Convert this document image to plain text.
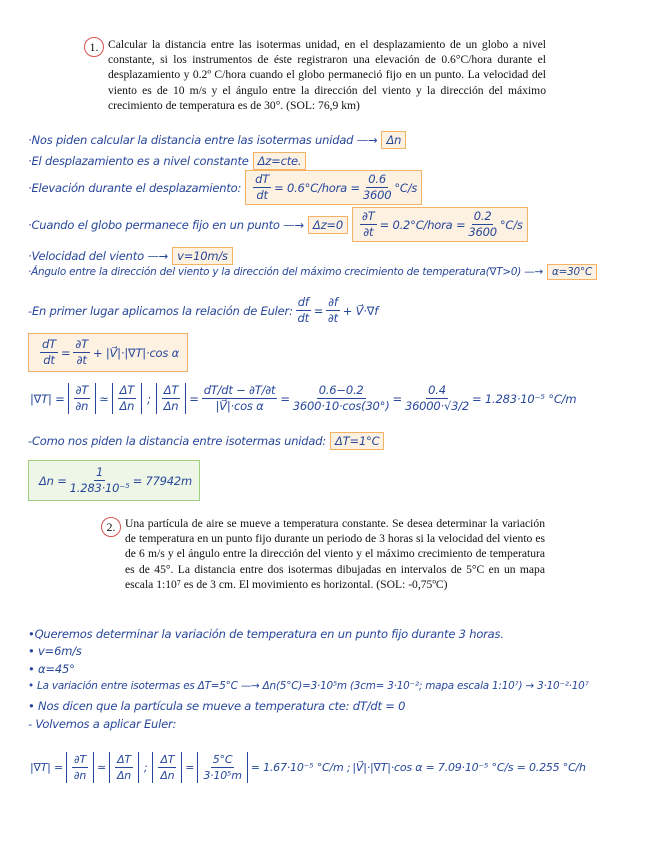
1. Calcular la distancia entre las isotermas unidad, en el desplazamiento de un globo a nivel constante, si los instrumentos de éste registraron una elevación de 0.6°C/hora durante el desplazamiento y 0.2º C/hora cuando el globo permaneció fijo en un punto. La velocidad del viento es de 10 m/s y el ángulo entre la dirección del viento y la dirección del máximo crecimiento de temperatura es de 30°. (SOL: 76,9 km)
·Nos piden calcular la distancia entre las isotermas unidad —→ Δn
·El desplazamiento es a nivel constante Δz=cte.
·Elevación durante el desplazamiento: $\frac{dT}{dt}$ = 0.6°C/hora = $\frac{0.6}{3600} ^\circ C/s$
·Cuando el globo permanece fijo en un punto —→ Δz=0	$\frac{\partial T}{\partial t}$ = 0.2°C/hora = $\frac{0.2}{3600} ^\circ C/s$
·Velocidad del viento —→ v=10m/s
·Ángulo entre la dirección del viento y la dirección del máximo crecimiento de temperatura(∇T>0) —→ α=30°C
-En primer lugar aplicamos la relación de Euler: $\frac{df}{dt} = \frac{\partial f}{\partial t}$ + V⃗·∇f
$\frac{dT}{dt} = \frac{\partial T}{\partial t}$ + |V⃗|·|∇T|·cos α
$|\nabla T| = \frac{\partial T}{\partial n}$ ≃ $\frac{\Delta T}{\Delta n}$ ; $\frac{\Delta T}{\Delta n} = \frac{dT/dt - \partial T/\partial t}{\text{|V⃗|·cos α}} = \frac{0.6-0.2}{3600\cdot 10\cdot\cos(30^\circ)} = \frac{0.4}{36000\cdot√3/2} = 1.283\cdot 10^{-5}$ °C/m
-Como nos piden la distancia entre isotermas unidad: ΔT=1°C
$\Delta n = \frac{1}{\text{1.283·10⁻⁵}} = 77942m$
2. Una partícula de aire se mueve a temperatura constante. Se desea determinar la variación de temperatura en un punto fijo durante un periodo de 3 horas si la velocidad del viento es de 6 m/s y el ángulo entre la dirección del viento y el máximo crecimiento de temperatura es de 45°. La distancia entre dos isotermas dibujadas en intervalos de 5°C en un mapa escala 1:10⁷ es de 3 cm. El movimiento es horizontal. (SOL: -0,75ºC)
•Queremos determinar la variación de temperatura en un punto fijo durante 3 horas.
• v=6m/s
• α=45°
• La variación entre isotermas es ΔT=5°C —→ Δn(5°C)=3·10⁵m (3cm= 3·10⁻²; mapa escala 1:10⁷) → 3·10⁻²·10⁷
• Nos dicen que la partícula se mueve a temperatura cte: dT/dt = 0
- Volvemos a aplicar Euler:
$|\nabla T| = \frac{\partial T}{\partial n}$ ≃ $\frac{\Delta T}{\Delta n}$ ; $\frac{\Delta T}{\Delta n} = \frac{5^\circ C}{\text{3·10⁵m}} = 1.67\cdot 10^{-5}$ °C/m ; |V⃗|·|∇T|·cos α = 7.09·10⁻⁵ °C/s = 0.255 °C/h
